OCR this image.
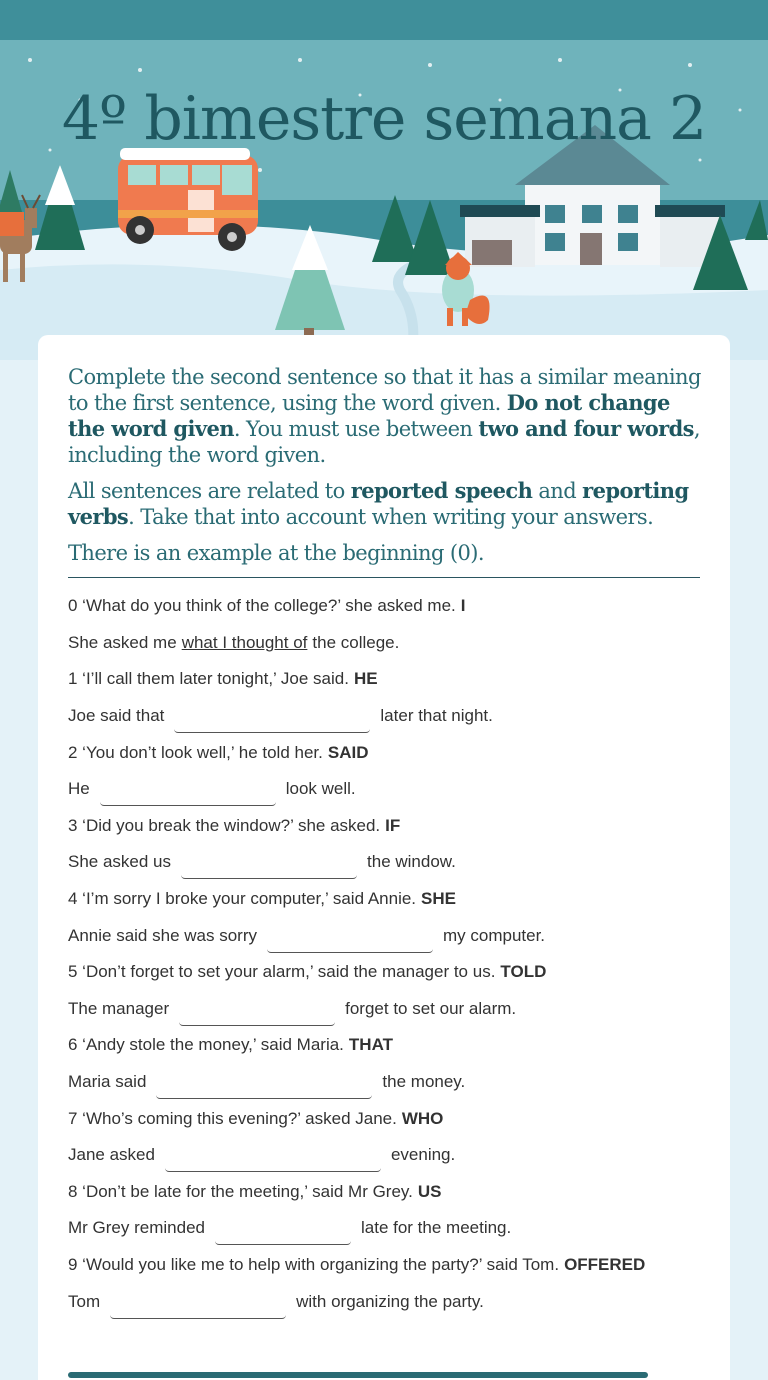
4º bimestre semana 2

Complete the second sentence so that it has a similar meaning to the first sentence, using the word given. Do not change the word given. You must use between two and four words, including the word given.

All sentences are related to reported speech and reporting verbs. Take that into account when writing your answers.

There is an example at the beginning (0).

0 ‘What do you think of the college?’ she asked me. I
She asked me what I thought of the college.
1 ‘I’ll call them later tonight,’ Joe said. HE
Joe said that	later that night.
2 ‘You don’t look well,’ he told her. SAID
He	look well.
3 ‘Did you break the window?’ she asked. IF
She asked us	the window.
4 ‘I’m sorry I broke your computer,’ said Annie. SHE
Annie said she was sorry	my computer.
5 ‘Don’t forget to set your alarm,’ said the manager to us. TOLD
The manager	forget to set our alarm.
6 ‘Andy stole the money,’ said Maria. THAT
Maria said	the money.
7 ‘Who’s coming this evening?’ asked Jane. WHO
Jane asked	evening.
8 ‘Don’t be late for the meeting,’ said Mr Grey. US
Mr Grey reminded	late for the meeting.
9 ‘Would you like me to help with organizing the party?’ said Tom. OFFERED
Tom	with organizing the party.
